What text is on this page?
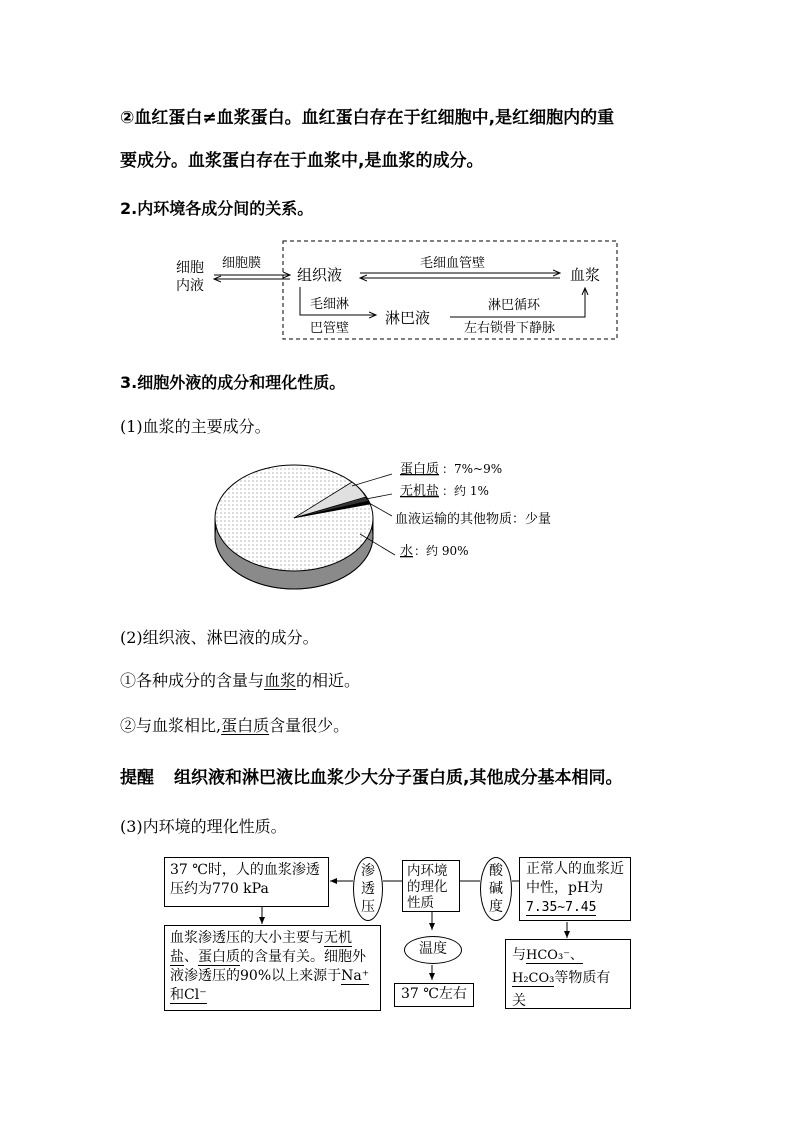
②血红蛋白≠血浆蛋白。血红蛋白存在于红细胞中,是红细胞内的重
要成分。血浆蛋白存在于血浆中,是血浆的成分。
2.内环境各成分间的关系。
细胞
内液
细胞膜
组织液
毛细血管壁
血浆
毛细淋
巴管壁
淋巴液
淋巴循环
左右锁骨下静脉
3.细胞外液的成分和理化性质。
(1)血浆的主要成分。
蛋白质 ：7%~9%
无机盐 ：约 1%
血液运输的其他物质：少量
水 ：约 90%
(2)组织液、淋巴液的成分。
①各种成分的含量与血浆的相近。
②与血浆相比,蛋白质含量很少。
提醒 组织液和淋巴液比血浆少大分子蛋白质,其他成分基本相同。
(3)内环境的理化性质。
37 ℃时，人的血浆渗透压约为770 kPa
血浆渗透压的大小主要与无机盐、蛋白质的含量有关。细胞外液渗透压的90%以上来源于Na⁺和Cl⁻
渗透压
内环境的理化性质
酸碱度
正常人的血浆近中性，pH为7.35~7.45
温度
37 ℃左右
与HCO₃⁻、H₂CO₃等物质有关
